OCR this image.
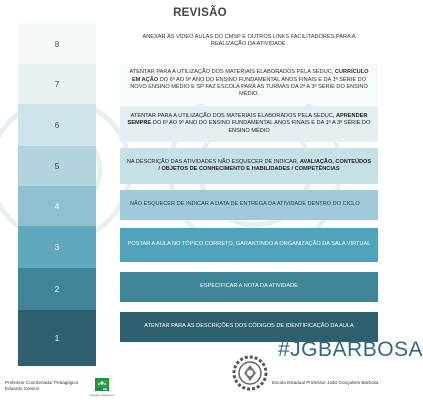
REVISÃO
8
7
6
5
4
3
2
1
ANEXAR ÀS VÍDEO AULAS DO CMSP E OUTROS LINKS FACILITADORES PARA A REALIZAÇÃO DA ATIVIDADE.
ATENTAR PARA A UTILIZAÇÃO DOS MATERIAIS ELABORADOS PELA SEDUC, CURRÍCULO EM AÇÃO DO 6º AO 9º ANO DO ENSINO FUNDAMENTAL ANOS FINAIS E DA 1ª SÉRIE DO NOVO ENSINO MÉDIO E SP FAZ ESCOLA PARA AS TURMAS DA 2ª A 3ª SÉRIE DO ENSINO MÉDIO.
ATENTAR PARA A UTILIZAÇÃO DOS MATERIAIS ELABORADOS PELA SEDUC, APRENDER SEMPRE DO 6º AO 9º ANO DO ENSINO FUNDAMENTAL ANOS FINAIS E DA 1ª A 3ª SÉRIE DO ENSINO MÉDIO
NA DESCRIÇÃO DAS ATIVIDADES NÃO ESQUECER DE INDICAR, AVALIAÇÃO, CONTEÚDOS / OBJETOS DE CONHECIMENTO E HABILIDADES / COMPETÊNCIAS
NÃO ESQUECER DE INDICAR A DATA DE ENTREGA DA ATIVIDADE DENTRO DO CICLO
POSTAR A AULA NO TÓPICO CORRETO, GARANTINDO A ORGANIZAÇÃO DA SALA VIRTUAL
ESPECIFICAR A NOTA DA ATIVIDADE
ATENTAR PARA ÀS DESCRIÇÕES DOS CÓDIGOS DE IDENTIFICAÇÃO DA AULA
Professor Coordenador Pedagógico
Eduardo Corsino
Google Classroom
#JGBARBOSA
Escola Estadual Professor João Gonçalves Barbosa
